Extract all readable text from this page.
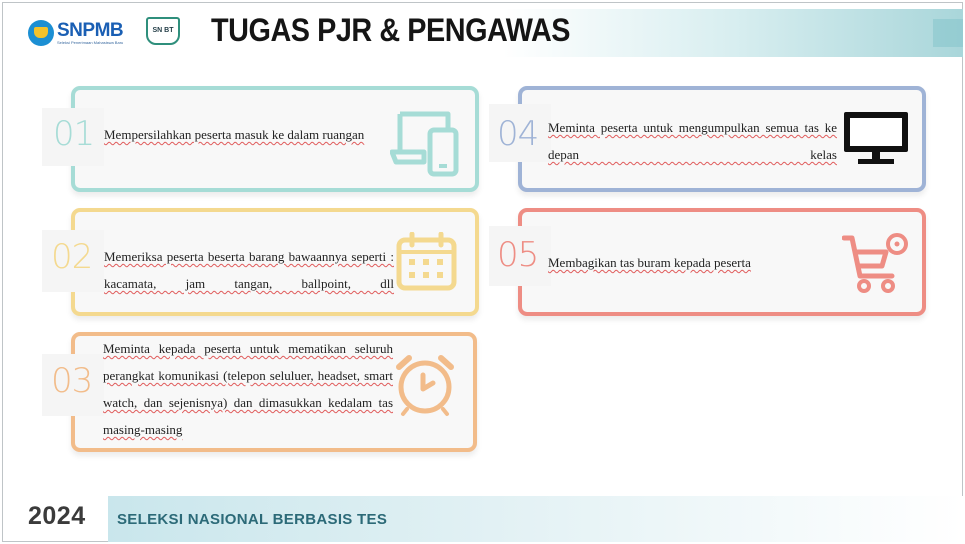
SNPMB
Seleksi Penerimaan Mahasiswa Baru
SN BT TUGAS PJR & PENGAWAS
01 Mempersilahkan peserta masuk ke dalam ruangan
02 Memeriksa peserta beserta barang bawaannya seperti : kacamata, jam tangan, ballpoint, dll
03
Meminta kepada peserta untuk mematikan seluruh perangkat komunikasi (telepon seluluer, headset, smart watch, dan sejenisnya) dan dimasukkan kedalam tas masing-masing
04 Meminta peserta untuk mengumpulkan semua tas ke depan kelas
05 Membagikan tas buram kepada peserta
2024 SELEKSI NASIONAL BERBASIS TES
